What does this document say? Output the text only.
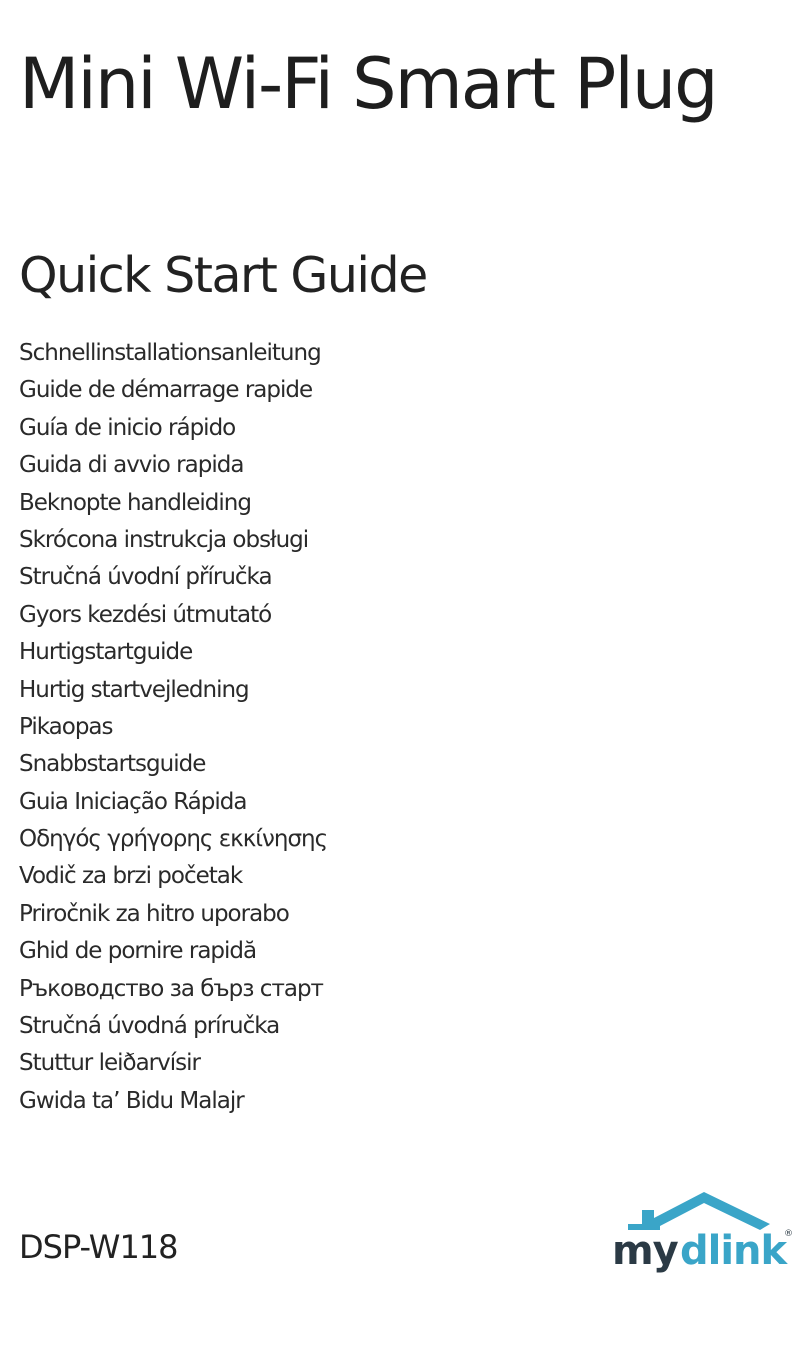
Mini Wi-Fi Smart Plug
Quick Start Guide
Schnellinstallationsanleitung
Guide de démarrage rapide
Guía de inicio rápido
Guida di avvio rapida
Beknopte handleiding
Skrócona instrukcja obsługi
Stručná úvodní příručka
Gyors kezdési útmutató
Hurtigstartguide
Hurtig startvejledning
Pikaopas
Snabbstartsguide
Guia Iniciação Rápida
Οδηγός γρήγορης εκκίνησης
Vodič za brzi početak
Priročnik za hitro uporabo
Ghid de pornire rapidă
Ръководство за бърз старт
Stručná úvodná príručka
Stuttur leiðarvísir
Gwida ta’ Bidu Malajr
DSP-W118	my dlink
®
